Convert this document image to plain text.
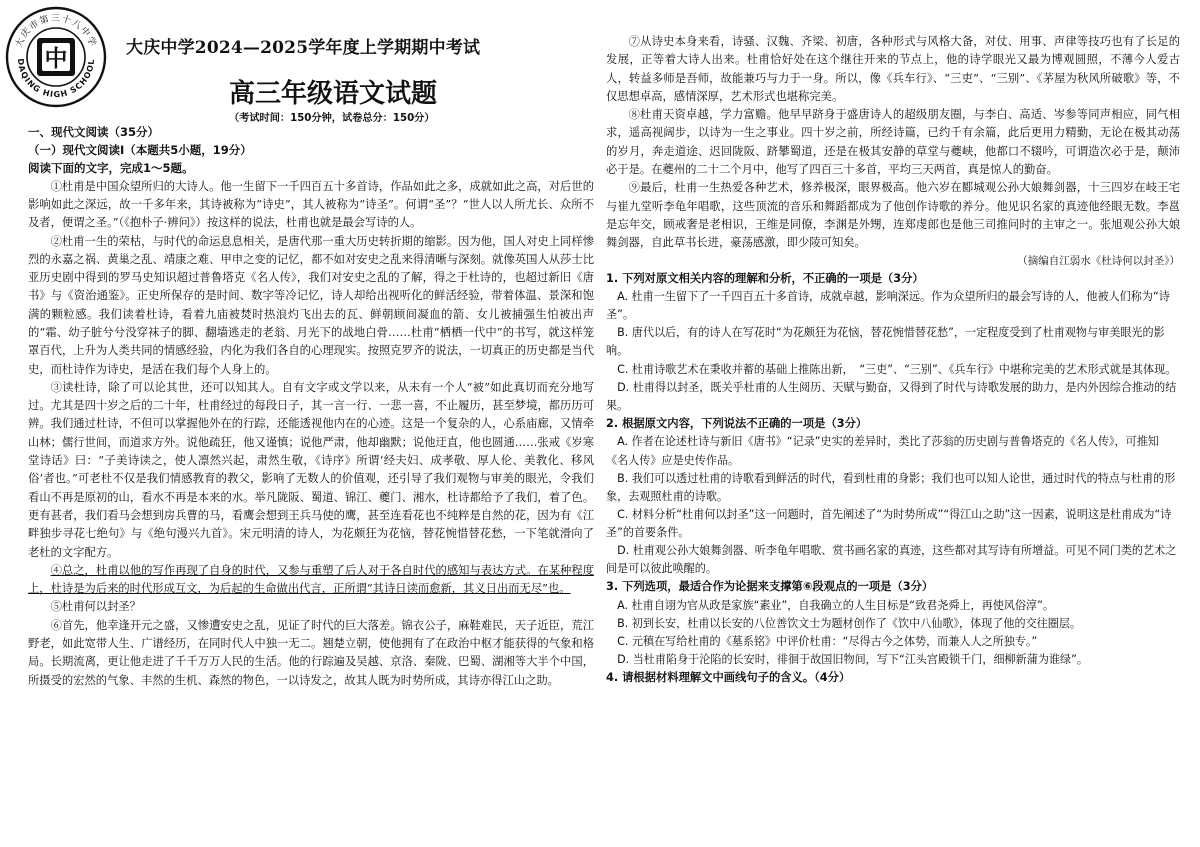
中
大庆市第三十八中学
DAQING HIGH SCHOOL
大庆中学2024—2025学年度上学期期中考试
高三年级语文试题
（考试时间：150分钟，试卷总分：150分）
一、现代文阅读（35分）
（一）现代文阅读Ⅰ（本题共5小题，19分）
阅读下面的文字，完成1～5题。

①杜甫是中国众望所归的大诗人。他一生留下一千四百五十多首诗，作品如此之多，成就如此之高，对后世的影响如此之深远，故一千多年来，其诗被称为“诗史”，其人被称为“诗圣”。何谓“圣”？“世人以人所尤长、众所不及者，便谓之圣。”（《抱朴子·辨问》）按这样的说法，杜甫也就是最会写诗的人。

②杜甫一生的荣枯，与时代的命运息息相关，是唐代那一重大历史转折期的缩影。因为他，国人对史上同样惨烈的永嘉之祸、黄巢之乱、靖康之难、甲申之变的记忆，都不如对安史之乱来得清晰与深刻。就像英国人从莎士比亚历史剧中得到的罗马史知识超过普鲁塔克《名人传》，我们对安史之乱的了解，得之于杜诗的，也超过新旧《唐书》与《资治通鉴》。正史所保存的是时间、数字等冷记忆，诗人却给出视听化的鲜活经验，带着体温、景深和饱满的颗粒感。我们读着杜诗，看着九庙被焚时热浪灼飞出去的瓦、鲜朝顾间凝血的箭、女儿被捕强生怕被出声的“霜、幼子脏兮兮没穿袜子的脚、翻墙逃走的老翁、月光下的战地白骨……杜甫“栖栖一代中”的书写，就这样笼罩百代，上升为人类共同的情感经验，内化为我们各自的心理现实。按照克罗齐的说法，一切真正的历史都是当代史，而杜诗作为诗史，是活在我们每个人身上的。

③读杜诗，除了可以论其世，还可以知其人。自有文字或文学以来，从未有一个人“被”如此真切而充分地写过。尤其是四十岁之后的二十年，杜甫经过的每段日子，其一言一行、一悲一喜，不止履历，甚至梦境，都历历可辨。我们通过杜诗，不但可以掌握他外在的行踪，还能透视他内在的心迹。这是一个复杂的人，心系庙廊，又情牵山林；儒行世间，而道求方外。说他疏狂，他又谨慎；说他严肃，他却幽默；说他迂直，他也圆通……张戒《岁寒堂诗话》曰：“子美诗读之，使人凛然兴起，肃然生敬，《诗序》所谓‘经夫妇、成孝敬、厚人伦、美教化、移风俗’者也。”可老杜不仅是我们情感教育的教父，影响了无数人的价值观，还引导了我们观物与审美的眼光，令我们看山不再是原初的山，看水不再是本来的水。举凡陇阪、蜀道、锦江、夔门、湘水，杜诗都给予了我们，着了色。更有甚者，我们看马会想到房兵曹的马，看鹰会想到王兵马使的鹰，甚至连看花也不纯粹是自然的花，因为有《江畔独步寻花七绝句》与《绝句漫兴九首》。宋元明清的诗人，为花颇狂为花恼，替花惋惜替花愁，一下笔就滑向了老杜的文字配方。

④总之，杜甫以他的写作再现了自身的时代，又参与重塑了后人对于各自时代的感知与表达方式。在某种程度上，杜诗是为后来的时代形成互文，为后起的生命做出代言，正所谓“其诗日读而愈新，其义日出而无尽”也。

⑤杜甫何以封圣？

⑥首先，他幸逢开元之盛，又惨遭安史之乱，见证了时代的巨大落差。锦衣公子，麻鞋难民，天子近臣，荒江野老，如此宽带人生、广谱经历，在同时代人中独一无二。翘楚立朝，使他拥有了在政治中枢才能获得的气象和格局。长期流离，更让他走进了千千万万人民的生活。他的行踪遍及吴越、京洛、秦陇、巴蜀、湖湘等大半个中国，所摄受的宏然的气象、丰然的生机、森然的物色，一以诗发之，故其人既为时势所成，其诗亦得江山之助。

⑦从诗史本身来看，诗骚、汉魏、齐梁、初唐，各种形式与风格大备，对仗、用事、声律等技巧也有了长足的发展，正等着大诗人出来。杜甫恰好处在这个继往开来的节点上，他的诗学眼光又最为博观圆照，不薄今人爱古人，转益多师是吾师，故能兼巧与力于一身。所以，像《兵车行》、“三吏”、“三别”、《茅屋为秋风所破歌》等，不仅思想卓高，感情深厚，艺术形式也堪称完美。

⑧杜甫天资卓越，学力富赡。他早早跻身于盛唐诗人的超级朋友圈，与李白、高适、岑参等同声相应，同气相求，遥高视阔步，以诗为一生之事业。四十岁之前，所经诗篇，已约千有余篇，此后更用力精勤，无论在极其动荡的岁月，奔走道途、迟回陇阪、跻攀蜀道，还是在极其安静的草堂与夔峡，他都口不辍吟，可谓造次必于是，颠沛必于是。在夔州的二十二个月中，他写了四百三十多首，平均三天两首，真是惊人的勤奋。

⑨最后，杜甫一生热爱各种艺术，修养极深，眼界极高。他六岁在郾城观公孙大娘舞剑器，十三四岁在岐王宅与崔九堂听李龟年唱歌，这些顶流的音乐和舞蹈都成为了他创作诗歌的养分。他见识名家的真迹他经眼无数。李邕是忘年交，顾戒奢是老相识，王维是同僚，李渊是外甥，连郑虔郎也是他三司推问时的主审之一。张旭观公孙大娘舞剑器，自此草书长进，豪荡感激，即少陵可知矣。

（摘编自江弱水《杜诗何以封圣》）
1. 下列对原文相关内容的理解和分析，不正确的一项是（3分）

A. 杜甫一生留下了一千四百五十多首诗，成就卓越，影响深远。作为众望所归的最会写诗的人，他被人们称为“诗圣”。

B. 唐代以后，有的诗人在写花时“为花颇狂为花恼，替花惋惜替花愁”，一定程度受到了杜甫观物与审美眼光的影响。

C. 杜甫诗歌艺术在秉收并蓄的基础上推陈出新，　“三吏”、“三别”、《兵车行》中堪称完美的艺术形式就是其体现。

D. 杜甫得以封圣，既关乎杜甫的人生阅历、天赋与勤奋，又得到了时代与诗歌发展的助力，是内外因综合推动的结果。

2. 根据原文内容，下列说法不正确的一项是（3分）

A. 作者在论述杜诗与新旧《唐书》“记录”史实的差异时，类比了莎翁的历史剧与普鲁塔克的《名人传》，可推知《名人传》应是史传作品。

B. 我们可以透过杜甫的诗歌看到鲜活的时代，看到杜甫的身影；我们也可以知人论世，通过时代的特点与杜甫的形象，去观照杜甫的诗歌。

C. 材料分析“杜甫何以封圣”这一问题时，首先阐述了“为时势所成”“得江山之助”这一因素，说明这是杜甫成为“诗圣”的首要条件。

D. 杜甫观公孙大娘舞剑器、听李龟年唱歌、赏书画名家的真迹，这些都对其写诗有所增益。可见不同门类的艺术之间是可以彼此唤醒的。

3. 下列选项，最适合作为论据来支撑第⑥段观点的一项是（3分）

A. 杜甫自诩为官从政是家族“素业”，自我确立的人生目标是“致君尧舜上，再使风俗淳”。

B. 初到长安，杜甫以长安的八位善饮文士为题材创作了《饮中八仙歌》，体现了他的交往圈层。

C. 元稹在写给杜甫的《墓系铭》中评价杜甫：“尽得古今之体势，而兼人人之所独专。”

D. 当杜甫陷身于沦陷的长安时，徘徊于故国旧物间，写下“江头宫殿锁千门，细柳新蒲为谁绿”。

4. 请根据材料理解文中画线句子的含义。（4分）
